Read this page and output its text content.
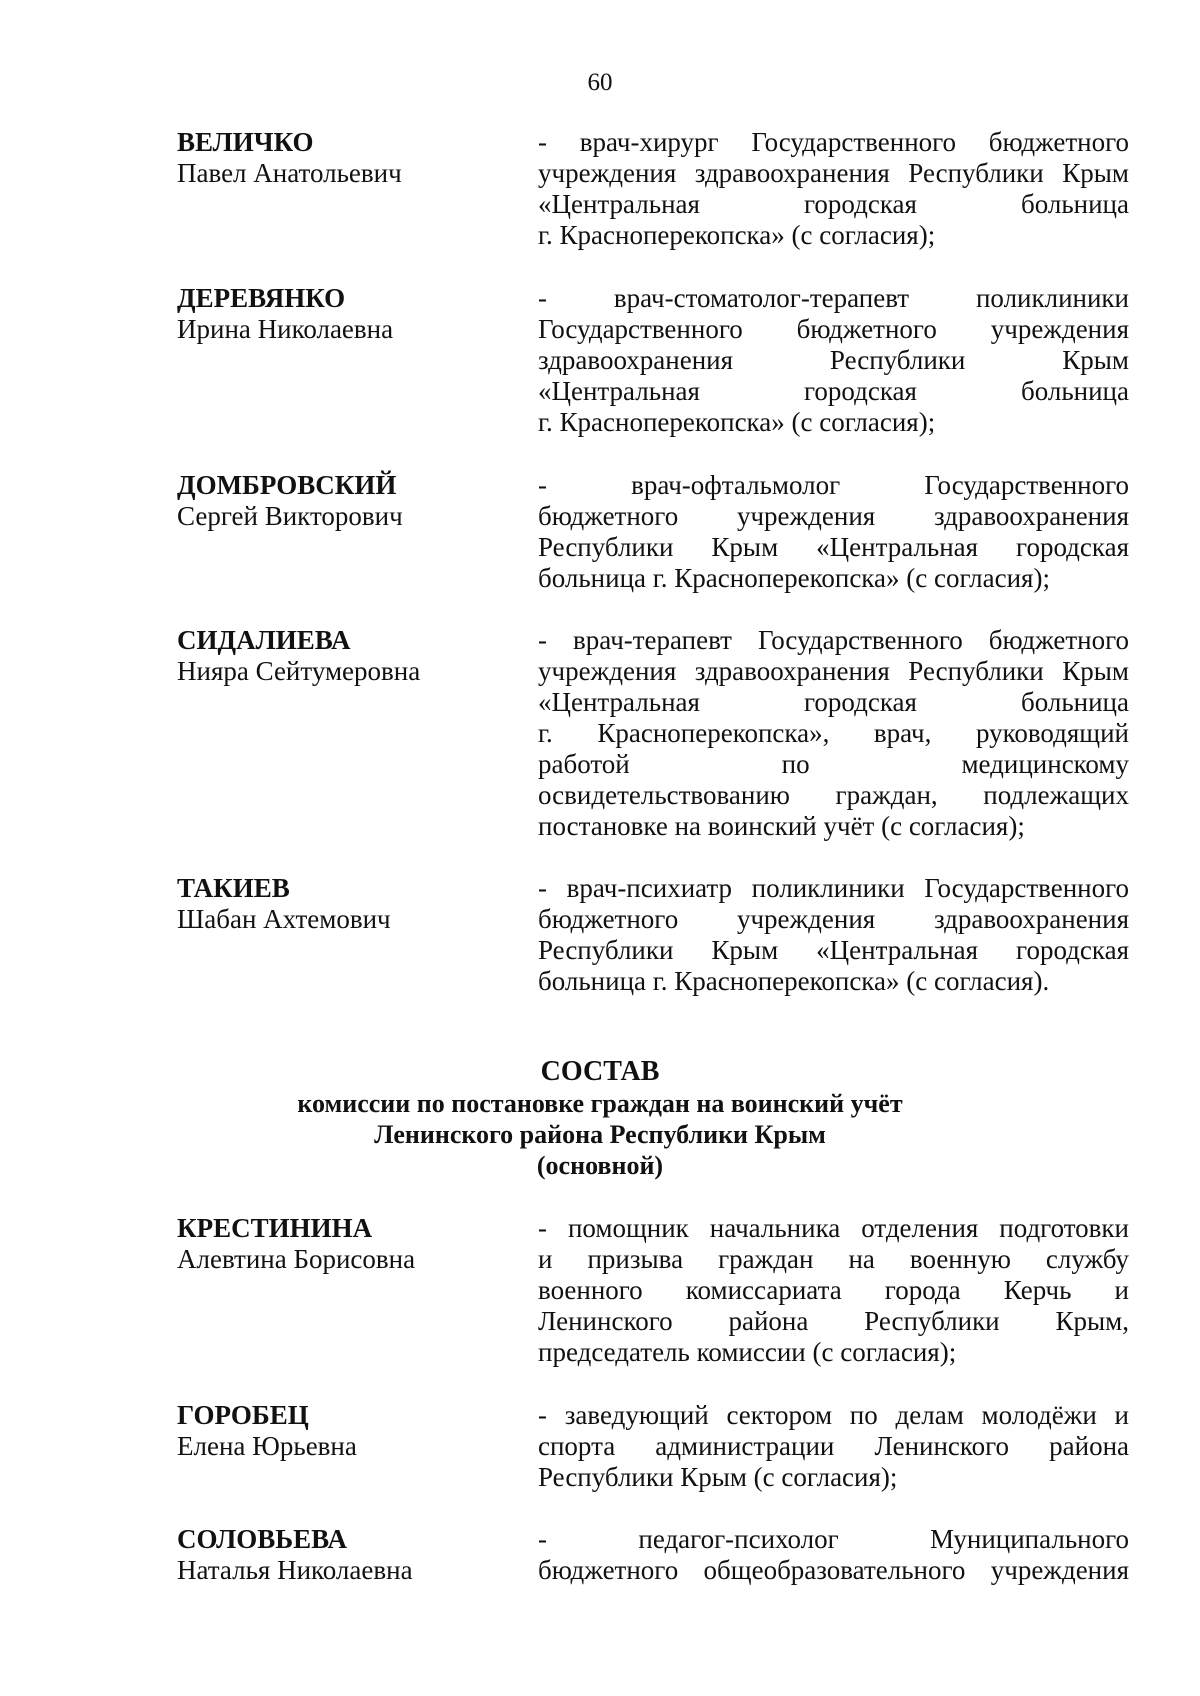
60
ВЕЛИЧКО
Павел Анатольевич
- врач-хирург Государственного бюджетного
учреждения здравоохранения Республики Крым
«Центральная городская больница
г. Красноперекопска» (с согласия);
ДЕРЕВЯНКО
Ирина Николаевна
- врач-стоматолог-терапевт поликлиники
Государственного бюджетного учреждения
здравоохранения Республики Крым
«Центральная городская больница
г. Красноперекопска» (с согласия);
ДОМБРОВСКИЙ
Сергей Викторович
- врач-офтальмолог Государственного
бюджетного учреждения здравоохранения
Республики Крым «Центральная городская
больница г. Красноперекопска» (с согласия);
СИДАЛИЕВА
Нияра Сейтумеровна
- врач-терапевт Государственного бюджетного
учреждения здравоохранения Республики Крым
«Центральная городская больница
г. Красноперекопска», врач, руководящий
работой по медицинскому
освидетельствованию граждан, подлежащих
постановке на воинский учёт (с согласия);
ТАКИЕВ
Шабан Ахтемович
- врач-психиатр поликлиники Государственного
бюджетного учреждения здравоохранения
Республики Крым «Центральная городская
больница г. Красноперекопска» (с согласия).
СОСТАВ
комиссии по постановке граждан на воинский учёт
Ленинского района Республики Крым
(основной)
КРЕСТИНИНА
Алевтина Борисовна
- помощник начальника отделения подготовки
и призыва граждан на военную службу
военного комиссариата города Керчь и
Ленинского района Республики Крым,
председатель комиссии (с согласия);
ГОРОБЕЦ
Елена Юрьевна
- заведующий сектором по делам молодёжи и
спорта администрации Ленинского района
Республики Крым (с согласия);
СОЛОВЬЕВА
Наталья Николаевна
- педагог-психолог Муниципального
бюджетного общеобразовательного учреждения
